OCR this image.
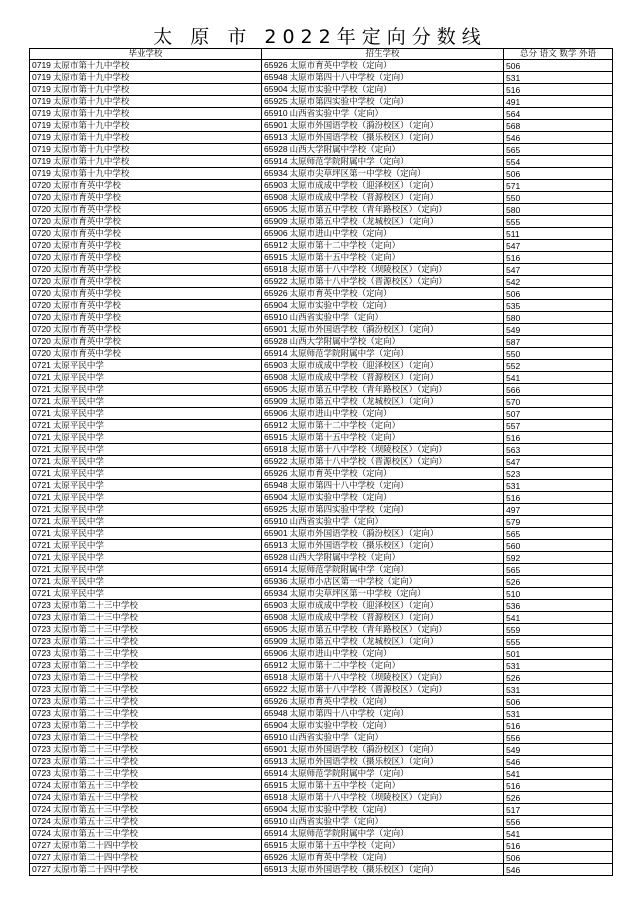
太 原 市 2022年定向分数线
毕业学校	招生学校	总分 语文 数学 外语
0719 太原市第十九中学校	65926 太原市育英中学校（定向）	506
0719 太原市第十九中学校	65948 太原市第四十八中学校（定向）	531
0719 太原市第十九中学校	65904 太原市实验中学校（定向）	516
0719 太原市第十九中学校	65925 太原市第四实验中学校（定向）	491
0719 太原市第十九中学校	65910 山西省实验中学（定向）	564
0719 太原市第十九中学校	65901 太原市外国语学校（漪汾校区）（定向）	568
0719 太原市第十九中学校	65913 太原市外国语学校（摄乐校区）（定向）	546
0719 太原市第十九中学校	65928 山西大学附属中学校（定向）	565
0719 太原市第十九中学校	65914 太原师范学院附属中学（定向）	554
0719 太原市第十九中学校	65934 太原市尖草坪区第一中学校（定向）	506
0720 太原市育英中学校	65903 太原市成成中学校（迎泽校区）（定向）	571
0720 太原市育英中学校	65908 太原市成成中学校（晋源校区）（定向）	550
0720 太原市育英中学校	65905 太原市第五中学校（青年路校区）（定向）	580
0720 太原市育英中学校	65909 太原市第五中学校（龙城校区）（定向）	555
0720 太原市育英中学校	65906 太原市进山中学校（定向）	511
0720 太原市育英中学校	65912 太原市第十二中学校（定向）	547
0720 太原市育英中学校	65915 太原市第十五中学校（定向）	516
0720 太原市育英中学校	65918 太原市第十八中学校（坝陵校区）（定向）	547
0720 太原市育英中学校	65922 太原市第十八中学校（晋源校区）（定向）	542
0720 太原市育英中学校	65926 太原市育英中学校（定向）	506
0720 太原市育英中学校	65904 太原市实验中学校（定向）	535
0720 太原市育英中学校	65910 山西省实验中学（定向）	580
0720 太原市育英中学校	65901 太原市外国语学校（漪汾校区）（定向）	549
0720 太原市育英中学校	65928 山西大学附属中学校（定向）	587
0720 太原市育英中学校	65914 太原师范学院附属中学（定向）	550
0721 太原平民中学	65903 太原市成成中学校（迎泽校区）（定向）	552
0721 太原平民中学	65908 太原市成成中学校（晋源校区）（定向）	541
0721 太原平民中学	65905 太原市第五中学校（青年路校区）（定向）	566
0721 太原平民中学	65909 太原市第五中学校（龙城校区）（定向）	570
0721 太原平民中学	65906 太原市进山中学校（定向）	507
0721 太原平民中学	65912 太原市第十二中学校（定向）	557
0721 太原平民中学	65915 太原市第十五中学校（定向）	516
0721 太原平民中学	65918 太原市第十八中学校（坝陵校区）（定向）	563
0721 太原平民中学	65922 太原市第十八中学校（晋源校区）（定向）	547
0721 太原平民中学	65926 太原市育英中学校（定向）	523
0721 太原平民中学	65948 太原市第四十八中学校（定向）	531
0721 太原平民中学	65904 太原市实验中学校（定向）	516
0721 太原平民中学	65925 太原市第四实验中学校（定向）	497
0721 太原平民中学	65910 山西省实验中学（定向）	579
0721 太原平民中学	65901 太原市外国语学校（漪汾校区）（定向）	565
0721 太原平民中学	65913 太原市外国语学校（摄乐校区）（定向）	560
0721 太原平民中学	65928 山西大学附属中学校（定向）	592
0721 太原平民中学	65914 太原师范学院附属中学（定向）	565
0721 太原平民中学	65936 太原市小店区第一中学校（定向）	526
0721 太原平民中学	65934 太原市尖草坪区第一中学校（定向）	510
0723 太原市第二十三中学校	65903 太原市成成中学校（迎泽校区）（定向）	536
0723 太原市第二十三中学校	65908 太原市成成中学校（晋源校区）（定向）	541
0723 太原市第二十三中学校	65905 太原市第五中学校（青年路校区）（定向）	559
0723 太原市第二十三中学校	65909 太原市第五中学校（龙城校区）（定向）	555
0723 太原市第二十三中学校	65906 太原市进山中学校（定向）	501
0723 太原市第二十三中学校	65912 太原市第十二中学校（定向）	531
0723 太原市第二十三中学校	65918 太原市第十八中学校（坝陵校区）（定向）	526
0723 太原市第二十三中学校	65922 太原市第十八中学校（晋源校区）（定向）	531
0723 太原市第二十三中学校	65926 太原市育英中学校（定向）	506
0723 太原市第二十三中学校	65948 太原市第四十八中学校（定向）	531
0723 太原市第二十三中学校	65904 太原市实验中学校（定向）	516
0723 太原市第二十三中学校	65910 山西省实验中学（定向）	556
0723 太原市第二十三中学校	65901 太原市外国语学校（漪汾校区）（定向）	549
0723 太原市第二十三中学校	65913 太原市外国语学校（摄乐校区）（定向）	546
0723 太原市第二十三中学校	65914 太原师范学院附属中学（定向）	541
0724 太原市第五十三中学校	65915 太原市第十五中学校（定向）	516
0724 太原市第五十三中学校	65918 太原市第十八中学校（坝陵校区）（定向）	526
0724 太原市第五十三中学校	65904 太原市实验中学校（定向）	517
0724 太原市第五十三中学校	65910 山西省实验中学（定向）	556
0724 太原市第五十三中学校	65914 太原师范学院附属中学（定向）	541
0727 太原市第二十四中学校	65915 太原市第十五中学校（定向）	516
0727 太原市第二十四中学校	65926 太原市育英中学校（定向）	506
0727 太原市第二十四中学校	65913 太原市外国语学校（摄乐校区）（定向）	546
